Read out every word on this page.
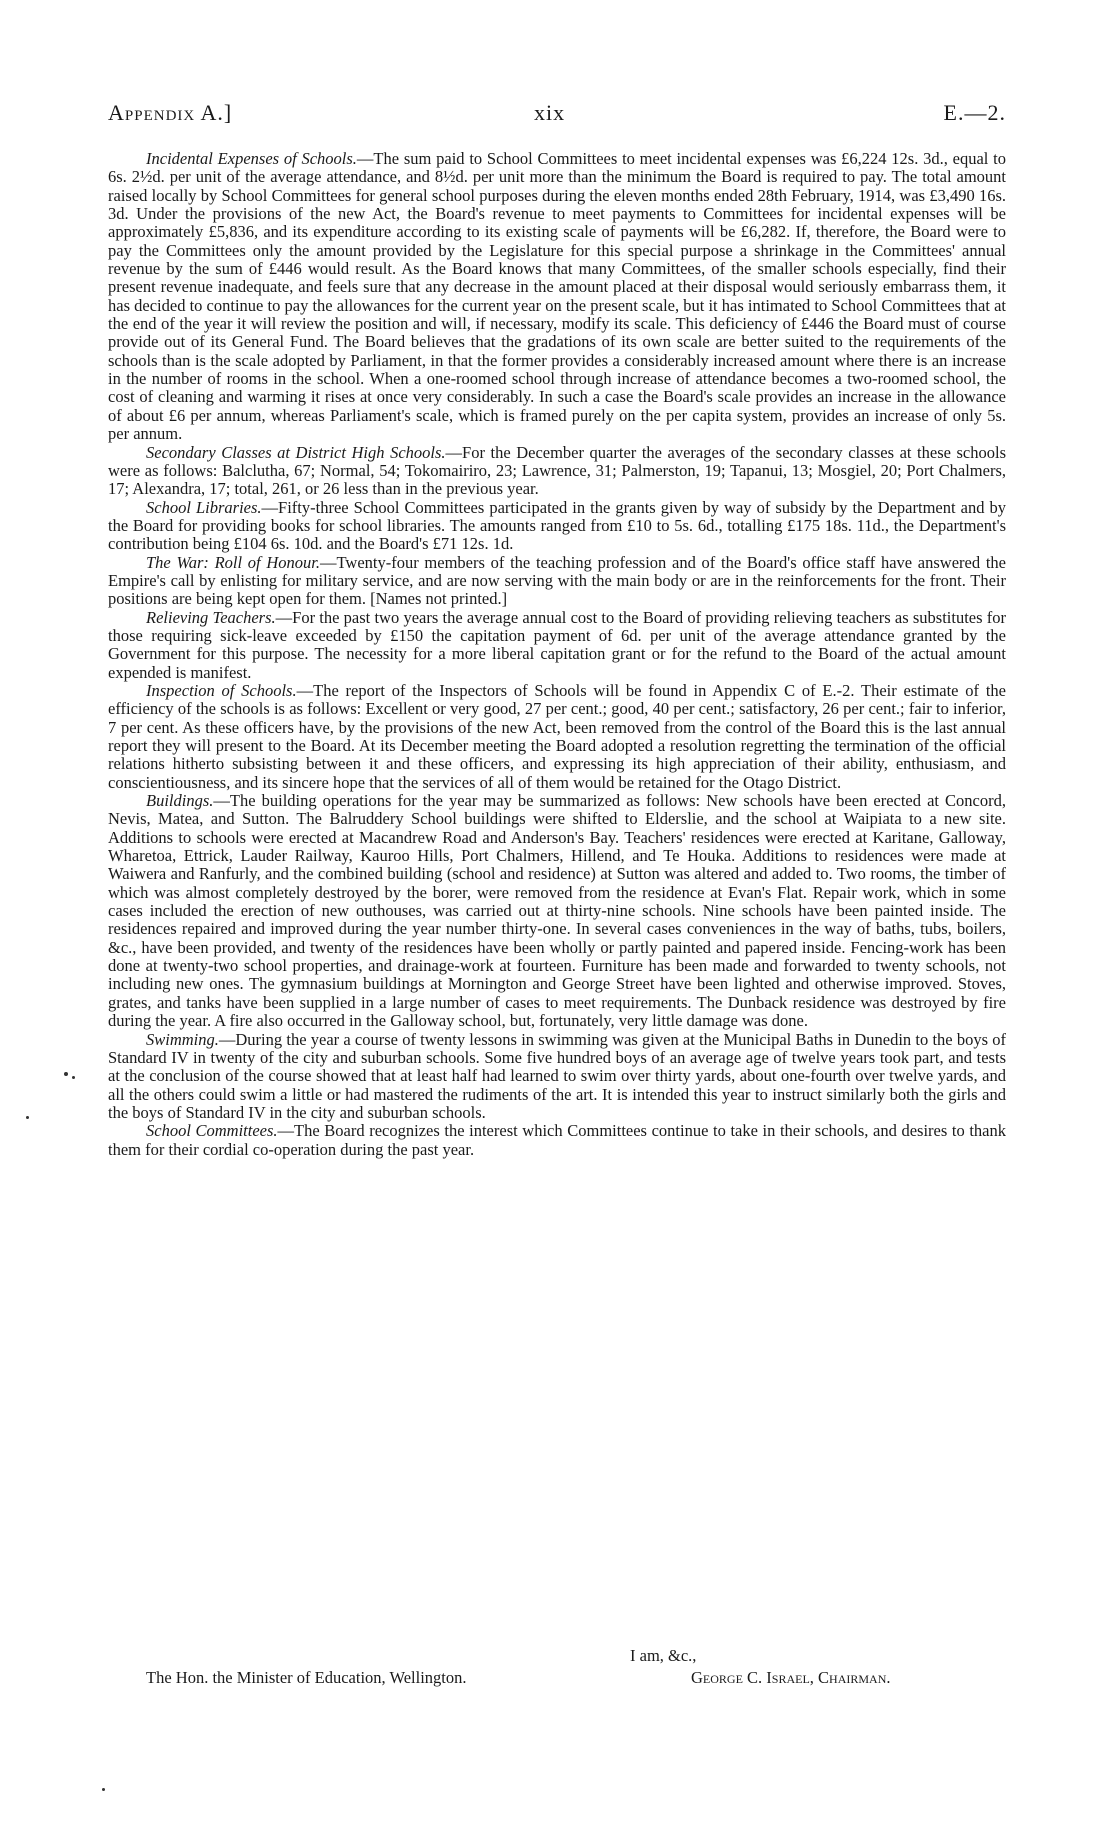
Appendix A.]	xix	E.—2.

Incidental Expenses of Schools.—The sum paid to School Committees to meet incidental expenses was £6,224 12s. 3d., equal to 6s. 2½d. per unit of the average attendance, and 8½d. per unit more than the minimum the Board is required to pay. The total amount raised locally by School Committees for general school purposes during the eleven months ended 28th February, 1914, was £3,490 16s. 3d. Under the provisions of the new Act, the Board's revenue to meet payments to Committees for incidental expenses will be approximately £5,836, and its expenditure according to its existing scale of payments will be £6,282. If, therefore, the Board were to pay the Committees only the amount provided by the Legislature for this special purpose a shrinkage in the Committees' annual revenue by the sum of £446 would result. As the Board knows that many Committees, of the smaller schools especially, find their present revenue inadequate, and feels sure that any decrease in the amount placed at their disposal would seriously embarrass them, it has decided to continue to pay the allowances for the current year on the present scale, but it has intimated to School Committees that at the end of the year it will review the position and will, if necessary, modify its scale. This deficiency of £446 the Board must of course provide out of its General Fund. The Board believes that the gradations of its own scale are better suited to the requirements of the schools than is the scale adopted by Parliament, in that the former provides a considerably increased amount where there is an increase in the number of rooms in the school. When a one-roomed school through increase of attendance becomes a two-roomed school, the cost of cleaning and warming it rises at once very considerably. In such a case the Board's scale provides an increase in the allowance of about £6 per annum, whereas Parliament's scale, which is framed purely on the per capita system, provides an increase of only 5s. per annum.

Secondary Classes at District High Schools.—For the December quarter the averages of the secondary classes at these schools were as follows: Balclutha, 67; Normal, 54; Tokomairiro, 23; Lawrence, 31; Palmerston, 19; Tapanui, 13; Mosgiel, 20; Port Chalmers, 17; Alexandra, 17; total, 261, or 26 less than in the previous year.

School Libraries.—Fifty-three School Committees participated in the grants given by way of subsidy by the Department and by the Board for providing books for school libraries. The amounts ranged from £10 to 5s. 6d., totalling £175 18s. 11d., the Department's contribution being £104 6s. 10d. and the Board's £71 12s. 1d.

The War: Roll of Honour.—Twenty-four members of the teaching profession and of the Board's office staff have answered the Empire's call by enlisting for military service, and are now serving with the main body or are in the reinforcements for the front. Their positions are being kept open for them. [Names not printed.]

Relieving Teachers.—For the past two years the average annual cost to the Board of providing relieving teachers as substitutes for those requiring sick-leave exceeded by £150 the capitation payment of 6d. per unit of the average attendance granted by the Government for this purpose. The necessity for a more liberal capitation grant or for the refund to the Board of the actual amount expended is manifest.

Inspection of Schools.—The report of the Inspectors of Schools will be found in Appendix C of E.-2. Their estimate of the efficiency of the schools is as follows: Excellent or very good, 27 per cent.; good, 40 per cent.; satisfactory, 26 per cent.; fair to inferior, 7 per cent. As these officers have, by the provisions of the new Act, been removed from the control of the Board this is the last annual report they will present to the Board. At its December meeting the Board adopted a resolution regretting the termination of the official relations hitherto subsisting between it and these officers, and expressing its high appreciation of their ability, enthusiasm, and conscientiousness, and its sincere hope that the services of all of them would be retained for the Otago District.

Buildings.—The building operations for the year may be summarized as follows: New schools have been erected at Concord, Nevis, Matea, and Sutton. The Balruddery School buildings were shifted to Elderslie, and the school at Waipiata to a new site. Additions to schools were erected at Macandrew Road and Anderson's Bay. Teachers' residences were erected at Karitane, Galloway, Wharetoa, Ettrick, Lauder Railway, Kauroo Hills, Port Chalmers, Hillend, and Te Houka. Additions to residences were made at Waiwera and Ranfurly, and the combined building (school and residence) at Sutton was altered and added to. Two rooms, the timber of which was almost completely destroyed by the borer, were removed from the residence at Evan's Flat. Repair work, which in some cases included the erection of new outhouses, was carried out at thirty-nine schools. Nine schools have been painted inside. The residences repaired and improved during the year number thirty-one. In several cases conveniences in the way of baths, tubs, boilers, &c., have been provided, and twenty of the residences have been wholly or partly painted and papered inside. Fencing-work has been done at twenty-two school properties, and drainage-work at fourteen. Furniture has been made and forwarded to twenty schools, not including new ones. The gymnasium buildings at Mornington and George Street have been lighted and otherwise improved. Stoves, grates, and tanks have been supplied in a large number of cases to meet requirements. The Dunback residence was destroyed by fire during the year. A fire also occurred in the Galloway school, but, fortunately, very little damage was done.

Swimming.—During the year a course of twenty lessons in swimming was given at the Municipal Baths in Dunedin to the boys of Standard IV in twenty of the city and suburban schools. Some five hundred boys of an average age of twelve years took part, and tests at the conclusion of the course showed that at least half had learned to swim over thirty yards, about one-fourth over twelve yards, and all the others could swim a little or had mastered the rudiments of the art. It is intended this year to instruct similarly both the girls and the boys of Standard IV in the city and suburban schools.

School Committees.—The Board recognizes the interest which Committees continue to take in their schools, and desires to thank them for their cordial co-operation during the past year.

I am, &c.,
The Hon. the Minister of Education, Wellington.	George C. Israel, Chairman.
